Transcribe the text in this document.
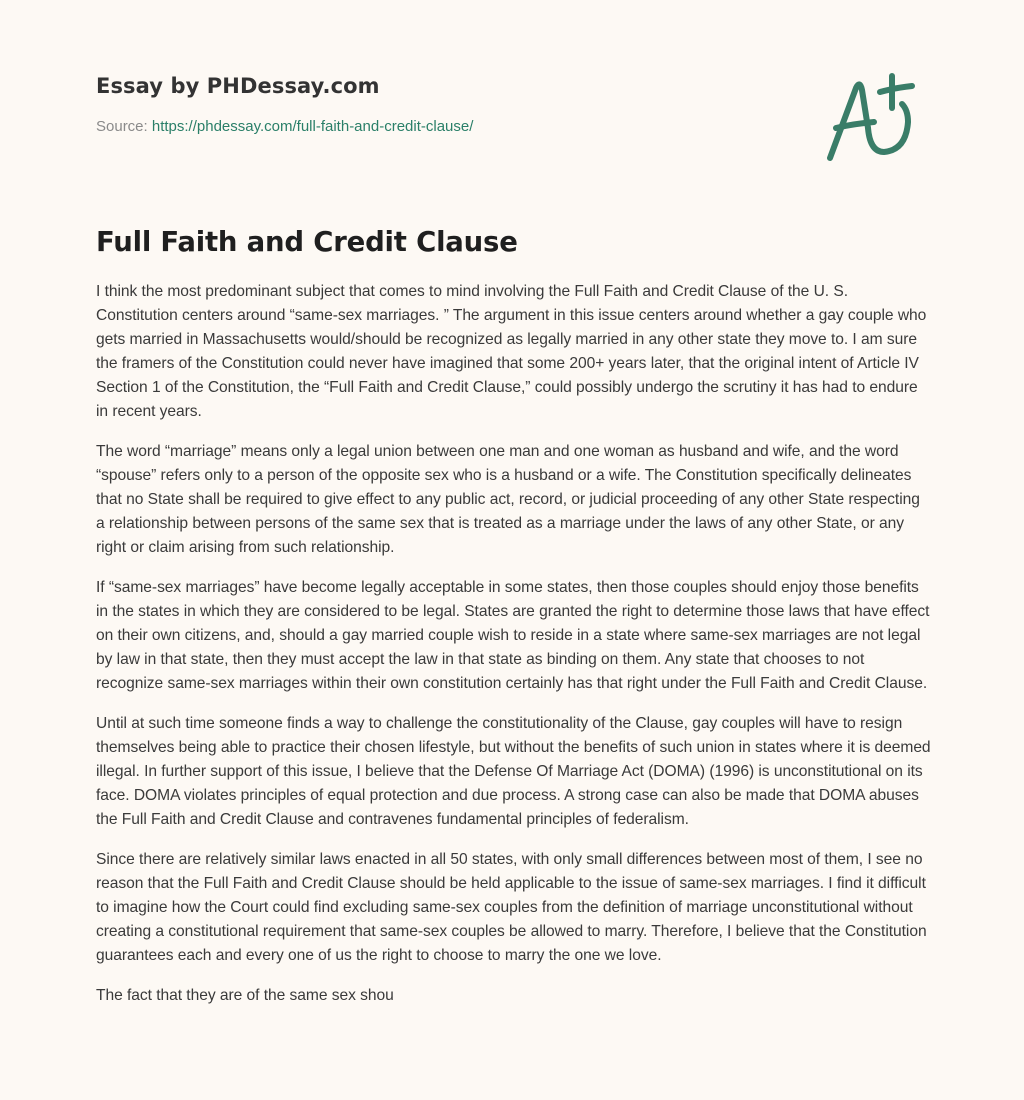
Essay by PHDessay.com
Source: https://phdessay.com/full-faith-and-credit-clause/
Full Faith and Credit Clause

I think the most predominant subject that comes to mind involving the Full Faith and Credit Clause of the U. S. Constitution centers around “same-sex marriages. ” The argument in this issue centers around whether a gay couple who gets married in Massachusetts would/should be recognized as legally married in any other state they move to. I am sure the framers of the Constitution could never have imagined that some 200+ years later, that the original intent of Article IV Section 1 of the Constitution, the “Full Faith and Credit Clause,” could possibly undergo the scrutiny it has had to endure in recent years.

The word “marriage” means only a legal union between one man and one woman as husband and wife, and the word “spouse” refers only to a person of the opposite sex who is a husband or a wife. The Constitution specifically delineates that no State shall be required to give effect to any public act, record, or judicial proceeding of any other State respecting a relationship between persons of the same sex that is treated as a marriage under the laws of any other State, or any right or claim arising from such relationship.

If “same-sex marriages” have become legally acceptable in some states, then those couples should enjoy those benefits in the states in which they are considered to be legal. States are granted the right to determine those laws that have effect on their own citizens, and, should a gay married couple wish to reside in a state where same-sex marriages are not legal by law in that state, then they must accept the law in that state as binding on them. Any state that chooses to not recognize same-sex marriages within their own constitution certainly has that right under the Full Faith and Credit Clause.

Until at such time someone finds a way to challenge the constitutionality of the Clause, gay couples will have to resign themselves being able to practice their chosen lifestyle, but without the benefits of such union in states where it is deemed illegal. In further support of this issue, I believe that the Defense Of Marriage Act (DOMA) (1996) is unconstitutional on its face. DOMA violates principles of equal protection and due process. A strong case can also be made that DOMA abuses the Full Faith and Credit Clause and contravenes fundamental principles of federalism.

Since there are relatively similar laws enacted in all 50 states, with only small differences between most of them, I see no reason that the Full Faith and Credit Clause should be held applicable to the issue of same-sex marriages. I find it difficult to imagine how the Court could find excluding same-sex couples from the definition of marriage unconstitutional without creating a constitutional requirement that same-sex couples be allowed to marry. Therefore, I believe that the Constitution guarantees each and every one of us the right to choose to marry the one we love.

The fact that they are of the same sex shou
